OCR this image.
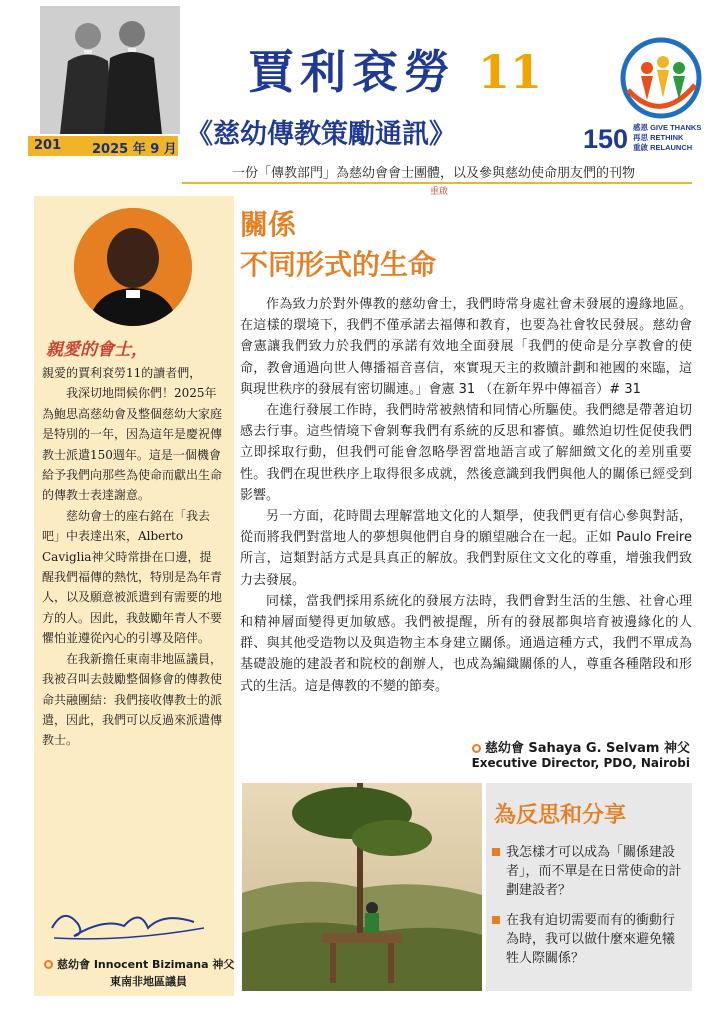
201 2025 年 9 月
賈利袞勞 11
《慈幼傳教策勵通訊》	150 感恩 GIVE THANKS
再思 RETHINK
重啟 RELAUNCH
一份「傳教部門」為慈幼會會士團體，以及參與慈幼使命朋友們的刊物
重啟
親愛的會士，

親愛的賈利袞勞11的讀者們，

我深切地問候你們！2025年為鮑思高慈幼會及整個慈幼大家庭是特別的一年，因為這年是慶祝傳教士派遣150週年。這是一個機會給予我們向那些為使命而獻出生命的傳教士表達謝意。

慈幼會士的座右銘在「我去吧」中表達出來，Alberto Caviglia神父時常掛在口邊，提醒我們福傳的熱忱，特別是為年青人，以及願意被派遣到有需要的地方的人。因此，我鼓勵年青人不要懼怕並遵從內心的引導及陪伴。

在我新擔任東南非地區議員，我被召叫去鼓勵整個修會的傳教使命共融團結：我們接收傳教士的派遣，因此，我們可以反過來派遣傳教士。

慈幼會 Innocent Bizimana 神父
東南非地區議員
關係
不同形式的生命

作為致力於對外傳教的慈幼會士，我們時常身處社會未發展的邊緣地區。在這樣的環境下，我們不僅承諾去福傳和教育，也要為社會牧民發展。慈幼會會憲讓我們致力於我們的承諾有效地全面發展「我們的使命是分享教會的使命，教會通過向世人傳播福音喜信，來實現天主的救贖計劃和祂國的來臨，這與現世秩序的發展有密切關連。」會憲 31 （在新年界中傳福音）# 31

在進行發展工作時，我們時常被熱情和同情心所驅使。我們總是帶著迫切感去行事。這些情境下會剝奪我們有系統的反思和審慎。雖然迫切性促使我們立即採取行動，但我們可能會忽略學習當地語言或了解細緻文化的差別重要性。我們在現世秩序上取得很多成就，然後意識到我們與他人的關係已經受到影響。

另一方面，花時間去理解當地文化的人類學，使我們更有信心參與對話，從而將我們對當地人的夢想與他們自身的願望融合在一起。正如 Paulo Freire 所言，這類對話方式是具真正的解放。我們對原住文文化的尊重，增強我們致力去發展。

同樣，當我們採用系統化的發展方法時，我們會對生活的生態、社會心理和精神層面變得更加敏感。我們被提醒，所有的發展都與培育被邊緣化的人群、與其他受造物以及與造物主本身建立關係。通過這種方式，我們不單成為基礎設施的建設者和院校的創辦人，也成為編織關係的人，尊重各種階段和形式的生活。這是傳教的不變的節奏。

慈幼會 Sahaya G. Selvam 神父
Executive Director, PDO, Nairobi
為反思和分享
我怎樣才可以成為「關係建設者」，而不單是在日常使命的計劃建設者？
在我有迫切需要而有的衝動行為時，我可以做什麼來避免犧牲人際關係？
